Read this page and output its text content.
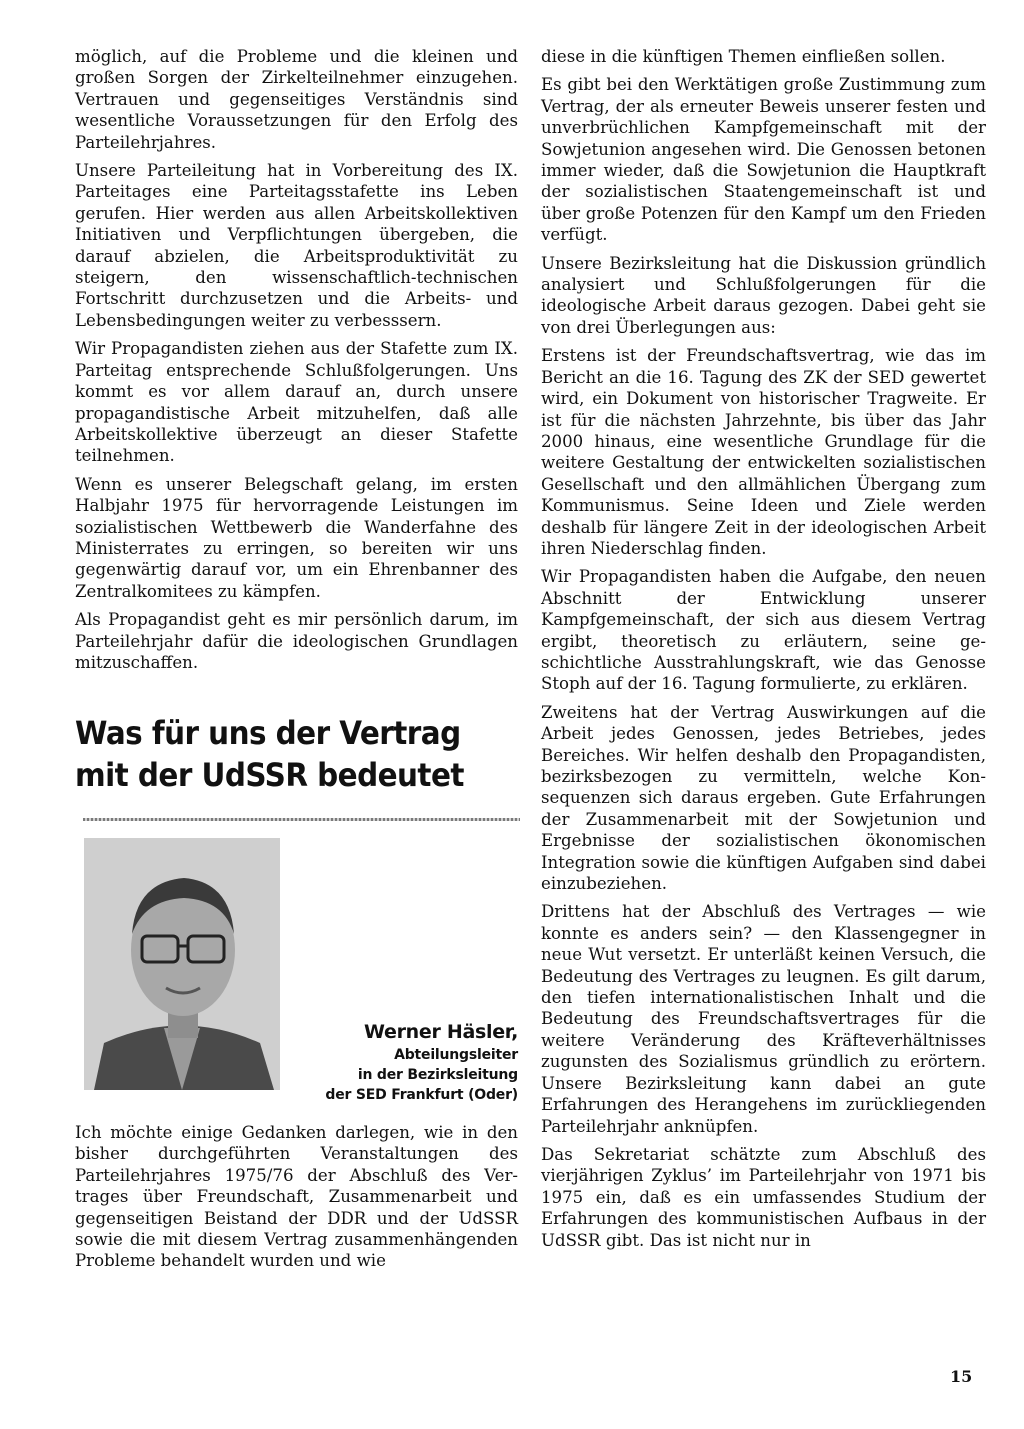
möglich, auf die Probleme und die kleinen und großen Sorgen der Zirkelteilnehmer einzugehen. Vertrauen und gegenseitiges Verständnis sind wesentliche Voraussetzungen für den Erfolg des Parteilehrjahres.

Unsere Parteileitung hat in Vorbereitung des IX. Parteitages eine Parteitagsstafette ins Leben gerufen. Hier werden aus allen Arbeitskollektiven Initiativen und Verpflichtungen übergeben, die darauf abzielen, die Arbeitsproduktivität zu steigern, den wissenschaftlich-technischen Fortschritt durchzusetzen und die Arbeits- und Lebensbedingungen weiter zu verbesssern.

Wir Propagandisten ziehen aus der Stafette zum IX. Parteitag entsprechende Schlußfolgerungen. Uns kommt es vor allem darauf an, durch unsere propagandistische Arbeit mitzuhelfen, daß alle Arbeitskollektive überzeugt an dieser Stafette teilnehmen.

Wenn es unserer Belegschaft gelang, im ersten Halbjahr 1975 für hervorragende Leistungen im sozialistischen Wettbewerb die Wanderfahne des Ministerrates zu erringen, so bereiten wir uns gegenwärtig darauf vor, um ein Ehrenbanner des Zentralkomitees zu kämpfen.

Als Propagandist geht es mir persönlich darum, im Parteilehrjahr dafür die ideologischen Grundlagen mitzuschaffen.

Was für uns der Vertrag
mit der UdSSR bedeutet
Werner Häsler,
Abteilungsleiter
in der Bezirksleitung
der SED Frankfurt (Oder)

Ich möchte einige Gedanken darlegen, wie in den bisher durchgeführten Veranstaltungen des Parteilehrjahres 1975/76 der Abschluß des Vertrages über Freundschaft, Zusammenarbeit und gegenseitigen Beistand der DDR und der UdSSR sowie die mit diesem Vertrag zusammenhängenden Probleme behandelt wurden und wie

diese in die künftigen Themen einfließen sollen.

Es gibt bei den Werktätigen große Zustimmung zum Vertrag, der als erneuter Beweis unserer festen und unverbrüchlichen Kampfgemeinschaft mit der Sowjetunion angesehen wird. Die Genossen betonen immer wieder, daß die Sowjetunion die Hauptkraft der sozialistischen Staatengemeinschaft ist und über große Potenzen für den Kampf um den Frieden verfügt.

Unsere Bezirksleitung hat die Diskussion gründlich analysiert und Schlußfolgerungen für die ideologische Arbeit daraus gezogen. Dabei geht sie von drei Überlegungen aus:

Erstens ist der Freundschaftsvertrag, wie das im Bericht an die 16. Tagung des ZK der SED gewertet wird, ein Dokument von historischer Tragweite. Er ist für die nächsten Jahrzehnte, bis über das Jahr 2000 hinaus, eine wesentliche Grundlage für die weitere Gestaltung der entwickelten sozialistischen Gesellschaft und den allmählichen Übergang zum Kommunismus. Seine Ideen und Ziele werden deshalb für längere Zeit in der ideologischen Arbeit ihren Niederschlag finden.

Wir Propagandisten haben die Aufgabe, den neuen Abschnitt der Entwicklung unserer Kampfgemeinschaft, der sich aus diesem Vertrag ergibt, theoretisch zu erläutern, seine geschichtliche Ausstrahlungskraft, wie das Genosse Stoph auf der 16. Tagung formulierte, zu erklären.

Zweitens hat der Vertrag Auswirkungen auf die Arbeit jedes Genossen, jedes Betriebes, jedes Bereiches. Wir helfen deshalb den Propagandisten, bezirksbezogen zu vermitteln, welche Konsequenzen sich daraus ergeben. Gute Erfahrungen der Zusammenarbeit mit der Sowjetunion und Ergebnisse der sozialistischen ökonomischen Integration sowie die künftigen Aufgaben sind dabei einzubeziehen.

Drittens hat der Abschluß des Vertrages — wie konnte es anders sein? — den Klassengegner in neue Wut versetzt. Er unterläßt keinen Versuch, die Bedeutung des Vertrages zu leugnen. Es gilt darum, den tiefen internationalistischen Inhalt und die Bedeutung des Freundschaftsvertrages für die weitere Veränderung des Kräfteverhältnisses zugunsten des Sozialismus gründlich zu erörtern. Unsere Bezirksleitung kann dabei an gute Erfahrungen des Herangehens im zurückliegenden Parteilehrjahr anknüpfen.

Das Sekretariat schätzte zum Abschluß des vierjährigen Zyklus’ im Parteilehrjahr von 1971 bis 1975 ein, daß es ein umfassendes Studium der Erfahrungen des kommunistischen Aufbaus in der UdSSR gibt. Das ist nicht nur in

15
